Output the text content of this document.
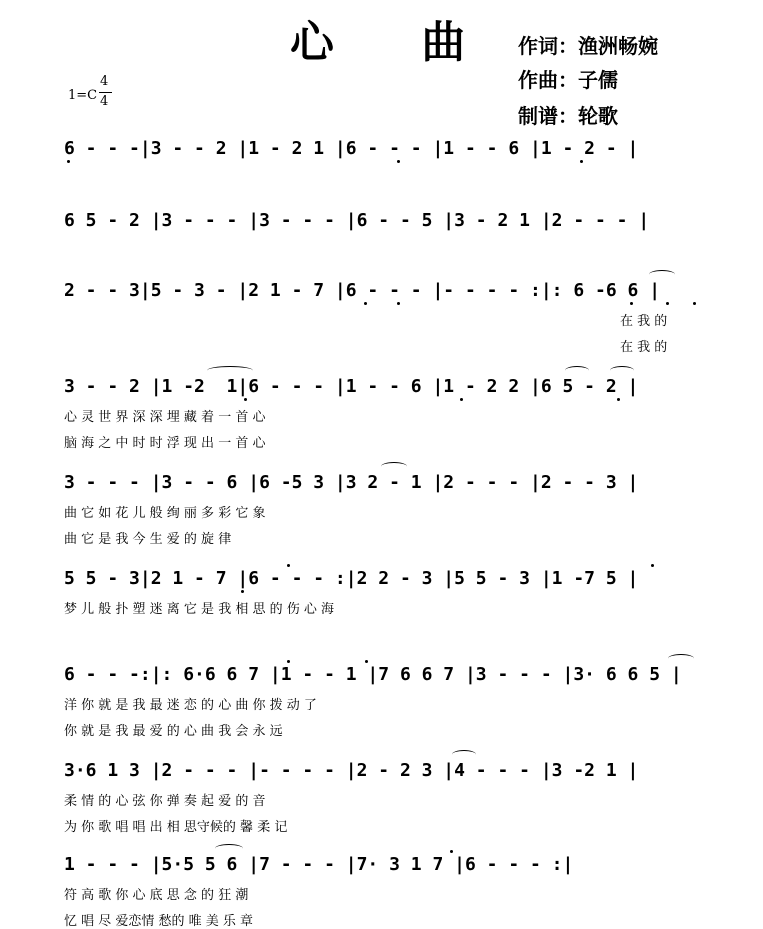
心 曲 作词：渔洲畅婉
作曲：子儒
制谱：轮歌
1=C
4
4
6 - - -|3 - - 2 |1 - 2 1 |6 - - - |1 - - 6 |1 - 2 - |
6 5 - 2 |3 - - - |3 - - - |6 - - 5 |3 - 2 1 |2 - - - |
2 - - 3|5 - 3 - |2 1 - 7 |6 - - - |- - - - :|: 6 -6 6 |
在 我 的
在 我 的
3 - - 2 |1 -2  1|6 - - - |1 - - 6 |1 - 2 2 |6 5 - 2 |
心 灵 世 界 深 深 埋 藏 着 一 首 心
脑 海 之 中 时 时 浮 现 出 一 首 心
3 - - - |3 - - 6 |6 -5 3 |3 2 - 1 |2 - - - |2 - - 3 |
曲 它 如 花 儿 般 绚 丽 多 彩 它 象
曲 它 是 我 今 生 爱 的 旋 律
5 5 - 3|2 1 - 7 |6 - - - :|2 2 - 3 |5 5 - 3 |1 -7 5 |
梦 儿 般 扑 塑 迷 离 它 是 我 相 思 的 伤 心 海
6 - - -:|: 6·6 6 7 |1 - - 1 |7 6 6 7 |3 - - - |3· 6 6 5 |
洋 你 就 是 我 最 迷 恋 的 心 曲 你 拨 动 了
你 就 是 我 最 爱 的 心 曲 我 会 永 远
3·6 1 3 |2 - - - |- - - - |2 - 2 3 |4 - - - |3 -2 1 |
柔 情 的 心 弦 你 弹 奏 起 爱 的 音
为 你 歌 唱 唱 出 相 思守候的 馨 柔 记
1 - - - |5·5 5 6 |7 - - - |7· 3 1 7 |6 - - - :|
符 高 歌 你 心 底 思 念 的 狂 潮
忆 唱 尽 爱恋情 愁的 唯 美 乐 章
